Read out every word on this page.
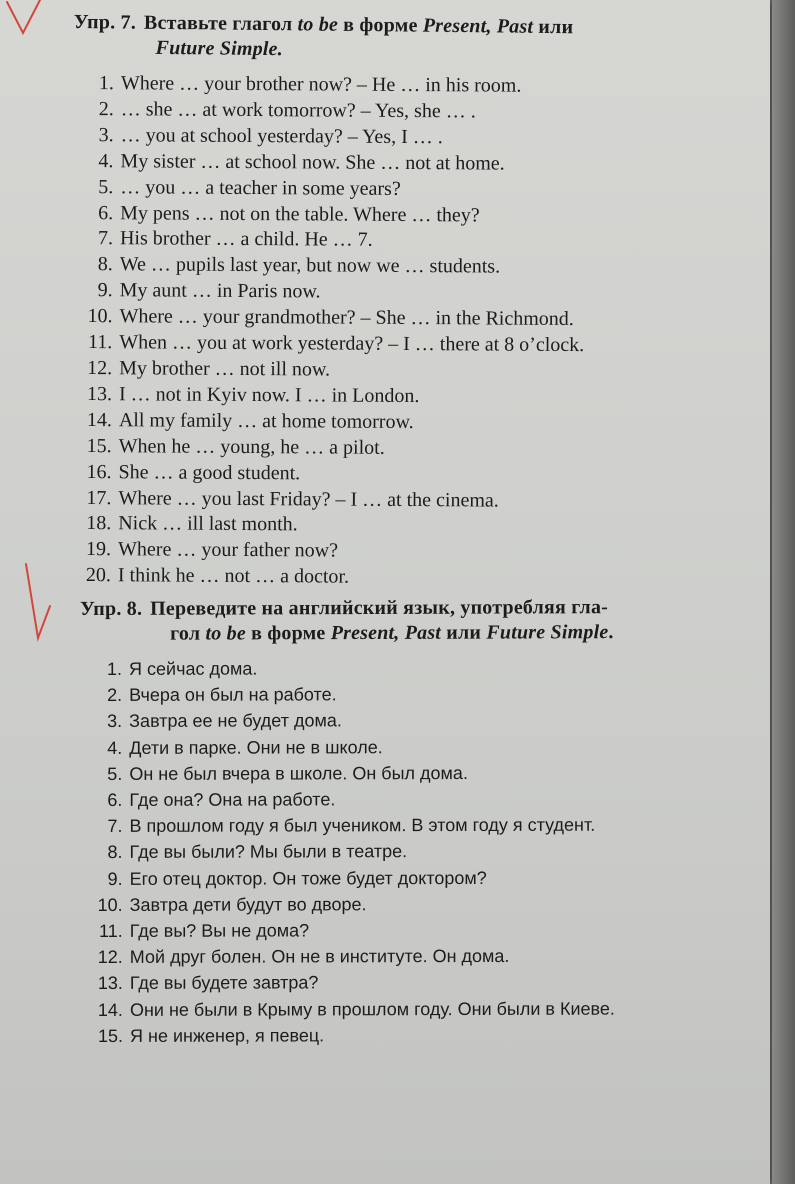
Упр. 7. Вставьте глагол to be в форме Present, Past или
Future Simple.
1. Where … your brother now? – He … in his room.
2. … she … at work tomorrow? – Yes, she … .
3. … you at school yesterday? – Yes, I … .
4. My sister … at school now. She … not at home.
5. … you … a teacher in some years?
6. My pens … not on the table. Where … they?
7. His brother … a child. He … 7.
8. We … pupils last year, but now we … students.
9. My aunt … in Paris now.
10. Where … your grandmother? – She … in the Richmond.
11. When … you at work yesterday? – I … there at 8 o’clock.
12. My brother … not ill now.
13. I … not in Kyiv now. I … in London.
14. All my family … at home tomorrow.
15. When he … young, he … a pilot.
16. She … a good student.
17. Where … you last Friday? – I … at the cinema.
18. Nick … ill last month.
19. Where … your father now?
20. I think he … not … a doctor.
Упр. 8. Переведите на английский язык, употребляя гла-
гол to be в форме Present, Past или Future Simple.
1. Я сейчас дома.
2. Вчера он был на работе.
3. Завтра ее не будет дома.
4. Дети в парке. Они не в школе.
5. Он не был вчера в школе. Он был дома.
6. Где она? Она на работе.
7. В прошлом году я был учеником. В этом году я студент.
8. Где вы были? Мы были в театре.
9. Его отец доктор. Он тоже будет доктором?
10. Завтра дети будут во дворе.
11. Где вы? Вы не дома?
12. Мой друг болен. Он не в институте. Он дома.
13. Где вы будете завтра?
14. Они не были в Крыму в прошлом году. Они были в Киеве.
15. Я не инженер, я певец.
